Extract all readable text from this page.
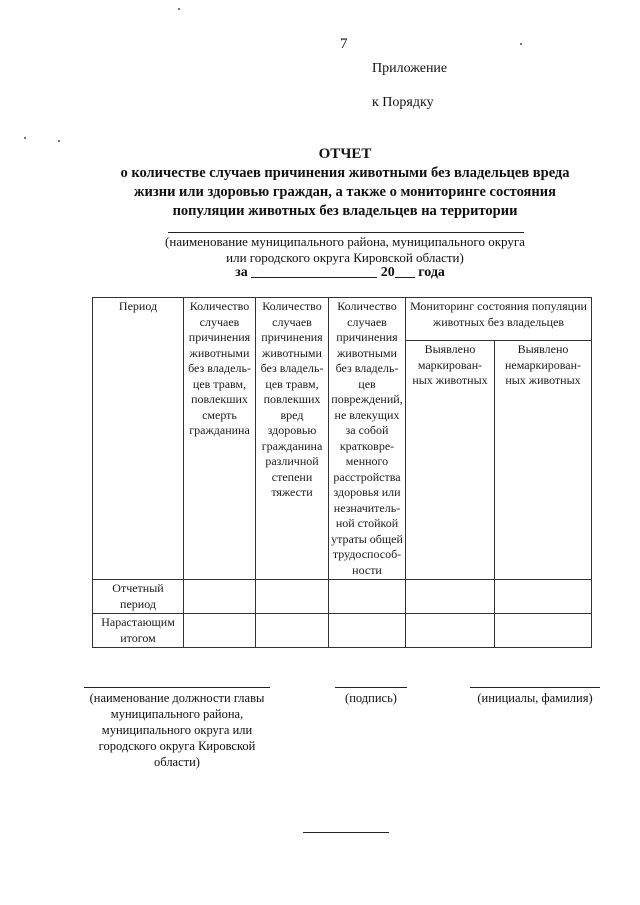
7
Приложение
к Порядку
ОТЧЕТ
о количестве случаев причинения животными без владельцев вреда
жизни или здоровью граждан, а также о мониторинге состояния
популяции животных без владельцев на территории
(наименование муниципального района, муниципального округа
или городского округа Кировской области)
за	20 года
Период	Количество случаев причинения животными без владель-цев травм, повлекших смерть гражданина	Количество случаев причинения животными без владель-цев травм, повлекших вред здоровью гражданина различной степени тяжести	Количество случаев причинения животными без владель-цев повреждений, не влекущих за собой кратковре-менного расстройства здоровья или незначитель-ной стойкой утраты общей трудоспособ-ности	Мониторинг состояния популяции животных без владельцев	
				Выявлено маркирован-ных животных	Выявлено немаркирован-ных животных
Отчетный период					
Нарастающим итогом					
(наименование должности главы муниципального района, муниципального округа или городского округа Кировской области)
(подпись)	(инициалы, фамилия)
